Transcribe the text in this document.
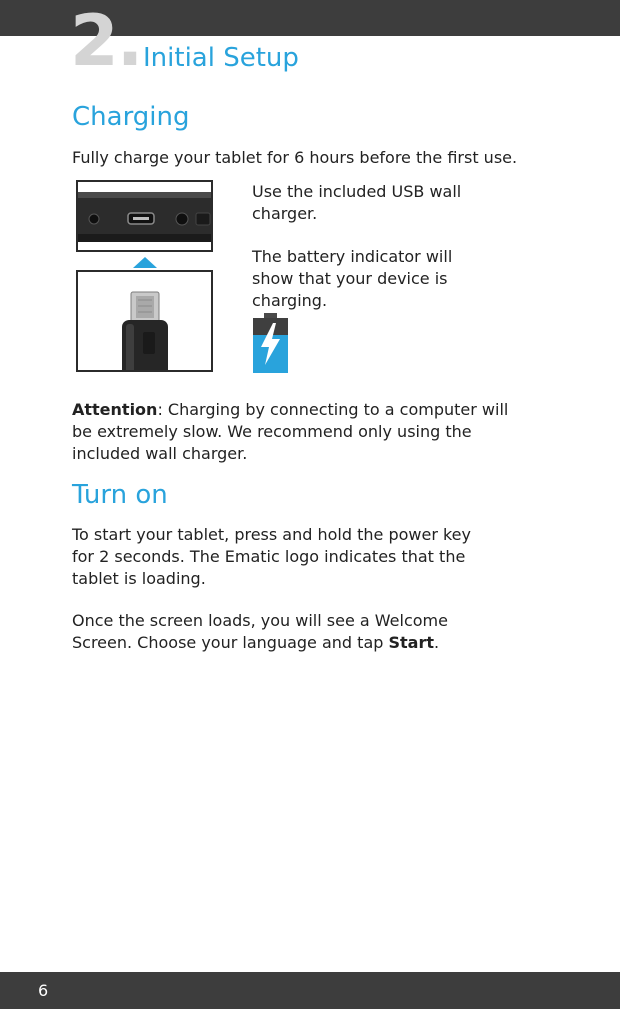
2. Initial Setup
Charging
Fully charge your tablet for 6 hours before the first use.
Use the included USB wall
charger.
The battery indicator will
show that your device is
charging.
Attention: Charging by connecting to a computer will
be extremely slow. We recommend only using the
included wall charger.
Turn on
To start your tablet, press and hold the power key
for 2 seconds. The Ematic logo indicates that the
tablet is loading.
Once the screen loads, you will see a Welcome
Screen. Choose your language and tap Start.
6
